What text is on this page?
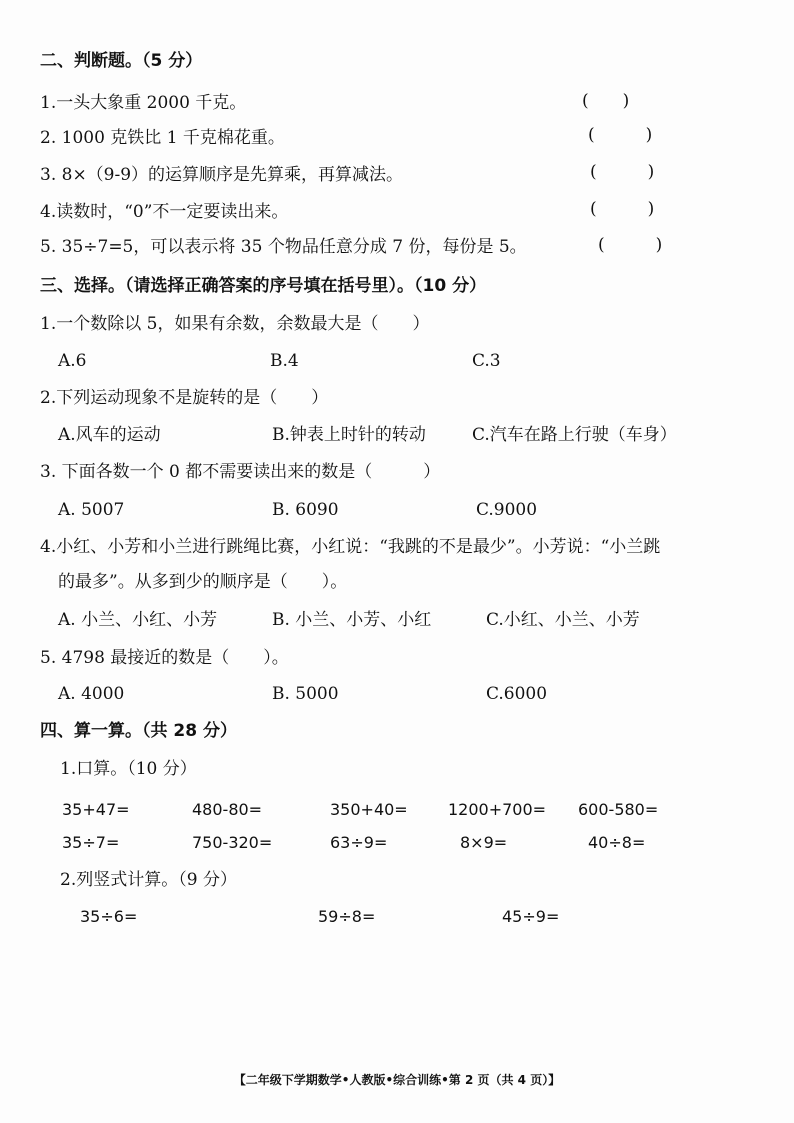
二、判断题。（5 分）
1.一头大象重 2000 千克。	(　　)
2. 1000 克铁比 1 千克棉花重。	(　　　)
3. 8×（9-9）的运算顺序是先算乘，再算减法。	(　　　)
4.读数时，“0”不一定要读出来。	(　　　)
5. 35÷7=5，可以表示将 35 个物品任意分成 7 份，每份是 5。	(　　　)
三、选择。（请选择正确答案的序号填在括号里）。（10 分）
1.一个数除以 5，如果有余数，余数最大是（　　）
A.6	B.4	C.3
2.下列运动现象不是旋转的是（　　）
A.风车的运动	B.钟表上时针的转动	C.汽车在路上行驶（车身）
3. 下面各数一个 0 都不需要读出来的数是（　　　）
A. 5007	B. 6090	C.9000
4.小红、小芳和小兰进行跳绳比赛，小红说：“我跳的不是最少”。小芳说：“小兰跳
的最多”。从多到少的顺序是（　　）。
A. 小兰、小红、小芳	B. 小兰、小芳、小红	C.小红、小兰、小芳
5. 4798 最接近的数是（　　）。
A. 4000	B. 5000	C.6000
四、算一算。（共 28 分）
1.口算。（10 分）
35+47=	480-80=	350+40=	1200+700= 600-580=
35÷7=	750-320=	63÷9=	8×9=	40÷8=
2.列竖式计算。（9 分）
35÷6=	59÷8=	45÷9=
【二年级下学期数学•人教版•综合训练•第 2 页（共 4 页）】
